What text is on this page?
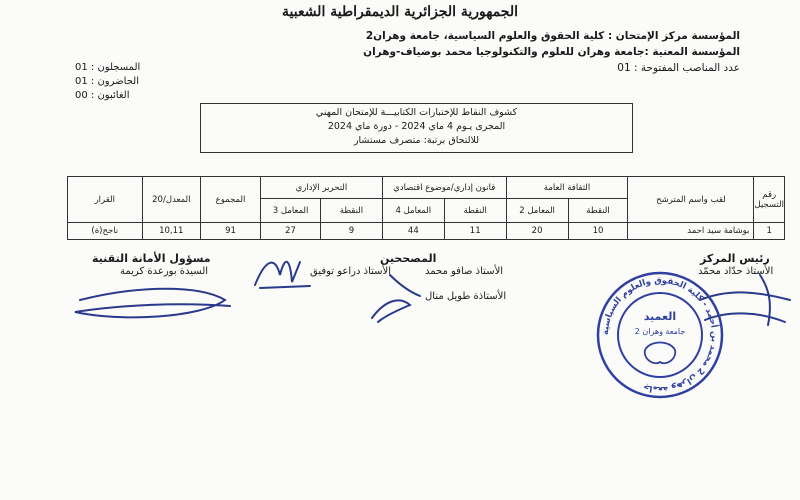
الجمهورية الجزائرية الديمقراطية الشعبية
المؤسسة مركز الإمتحان : كلية الحقوق والعلوم السياسية، جامعة وهران2
المؤسسة المعنية :جامعة وهران للعلوم والتكنولوجيا محمد بوضياف-وهران
عدد المناصب المفتوحة : 01
المسجلون : 01
الحاضرون : 01
الغائبون : 00
كشوف النقاط للإختبارات الكتابيـــة للإمتحان المهني
المجرى يـوم 4 ماي 2024 - دورة ماي 2024
للالتحاق برتبة: متصرف مستشار
رقم التسجيل	لقب واسم المترشح	الثقافة العامة		قانون إداري/موضوع اقتصادي		التحرير الإداري		المجموع	المعدل/20	القرار
		النقطة	المعامل 2	النقطة	المعامل 4	النقطة	المعامل 3			

1	بوشامة سيد احمد	10	20	11	44	9	27	91	10,11	ناجح(ة)
رئيس المركز
الأستاذ حدّاد محمّد
المصححين
الأستاذ صافو محمد
الأستاذ دراعو توفيق
الأستاذة طويل منال
مسؤول الأمانة التقنية
السيدة بورعدة كريمة
جامعة وهران 2 محمد بن أحمد - كلية الحقوق والعلوم السياسية
العميد
جامعة وهران 2
